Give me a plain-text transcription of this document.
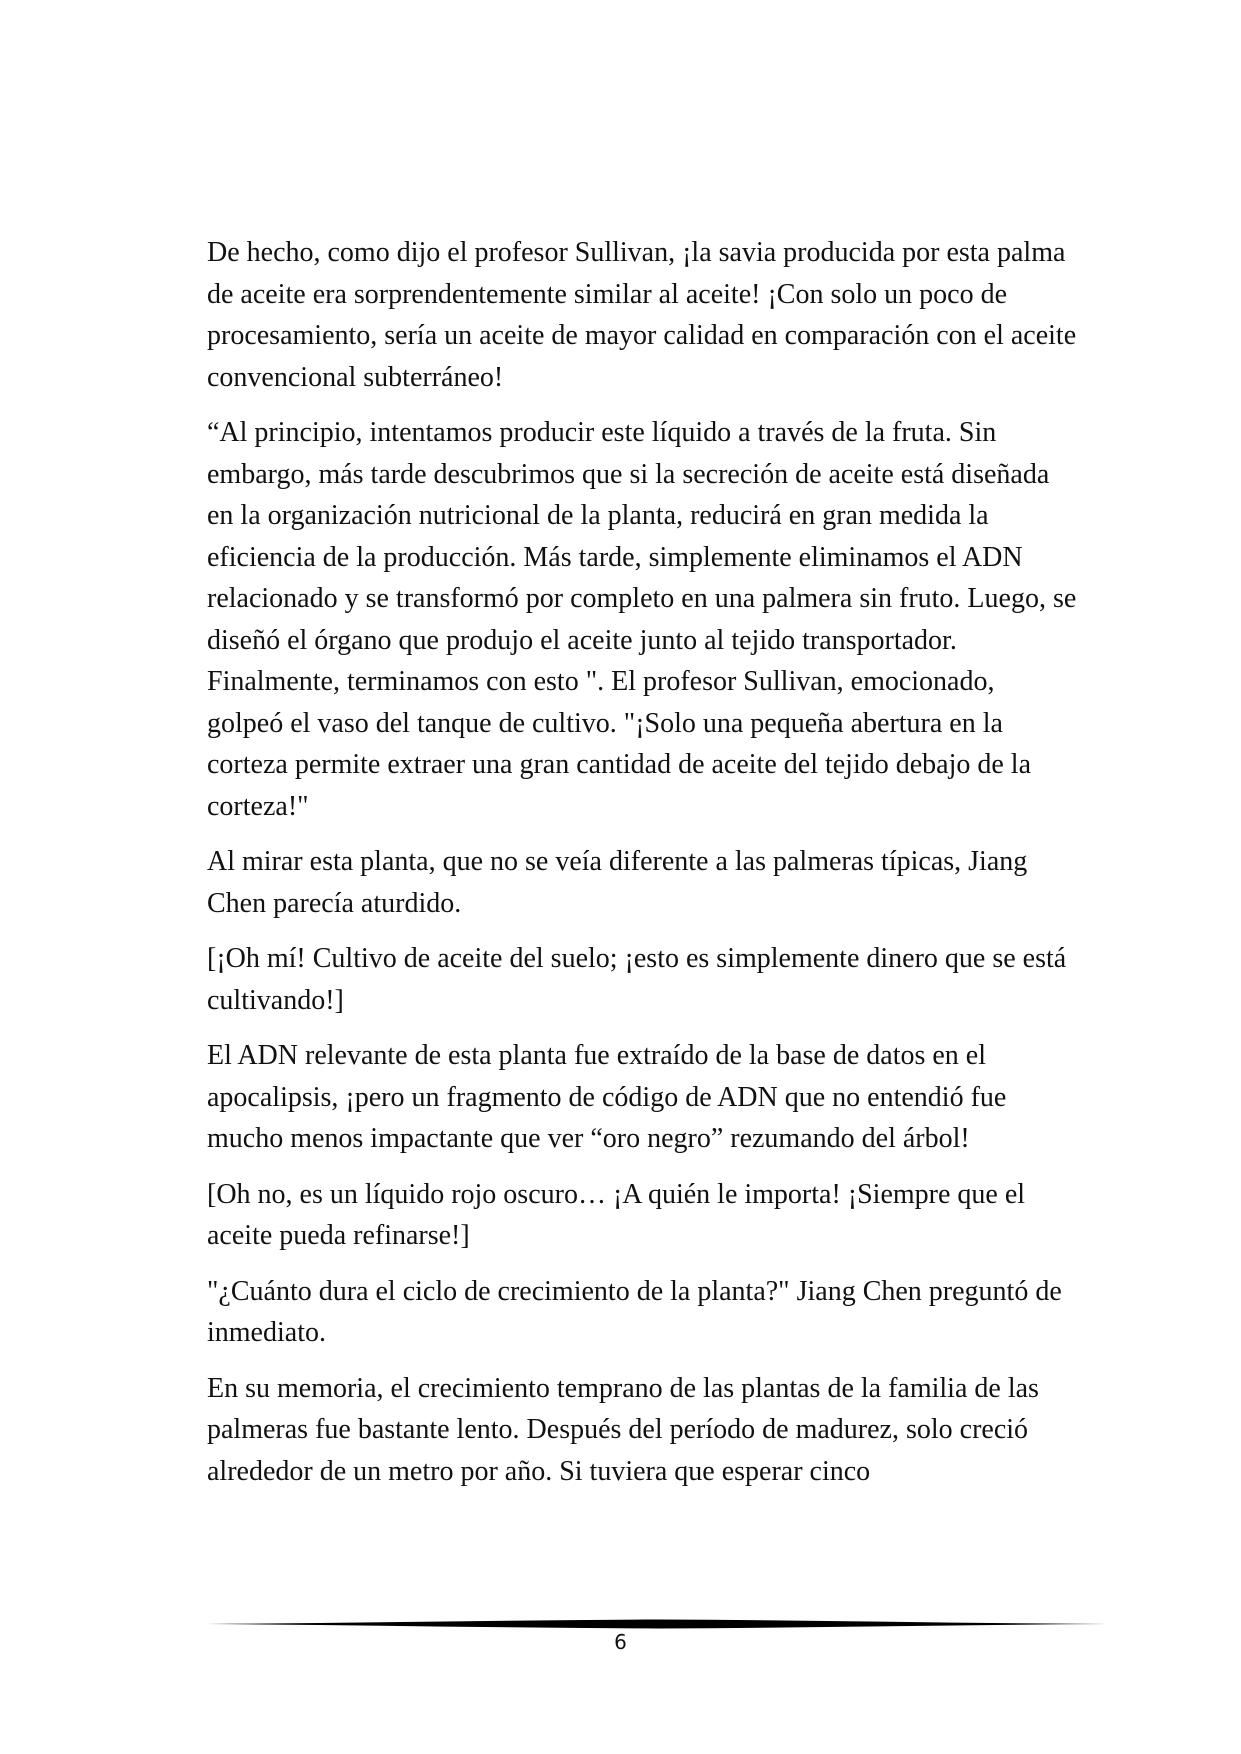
De hecho, como dijo el profesor Sullivan, ¡la savia producida por esta palma de aceite era sorprendentemente similar al aceite! ¡Con solo un poco de procesamiento, sería un aceite de mayor calidad en comparación con el aceite convencional subterráneo!

“Al principio, intentamos producir este líquido a través de la fruta. Sin embargo, más tarde descubrimos que si la secreción de aceite está diseñada en la organización nutricional de la planta, reducirá en gran medida la eficiencia de la producción. Más tarde, simplemente eliminamos el ADN relacionado y se transformó por completo en una palmera sin fruto. Luego, se diseñó el órgano que produjo el aceite junto al tejido transportador. Finalmente, terminamos con esto ". El profesor Sullivan, emocionado, golpeó el vaso del tanque de cultivo. "¡Solo una pequeña abertura en la corteza permite extraer una gran cantidad de aceite del tejido debajo de la corteza!"

Al mirar esta planta, que no se veía diferente a las palmeras típicas, Jiang Chen parecía aturdido.

[¡Oh mí! Cultivo de aceite del suelo; ¡esto es simplemente dinero que se está cultivando!]

El ADN relevante de esta planta fue extraído de la base de datos en el apocalipsis, ¡pero un fragmento de código de ADN que no entendió fue mucho menos impactante que ver “oro negro” rezumando del árbol!

[Oh no, es un líquido rojo oscuro… ¡A quién le importa! ¡Siempre que el aceite pueda refinarse!]

"¿Cuánto dura el ciclo de crecimiento de la planta?" Jiang Chen preguntó de inmediato.

En su memoria, el crecimiento temprano de las plantas de la familia de las palmeras fue bastante lento. Después del período de madurez, solo creció alrededor de un metro por año. Si tuviera que esperar cinco

6
